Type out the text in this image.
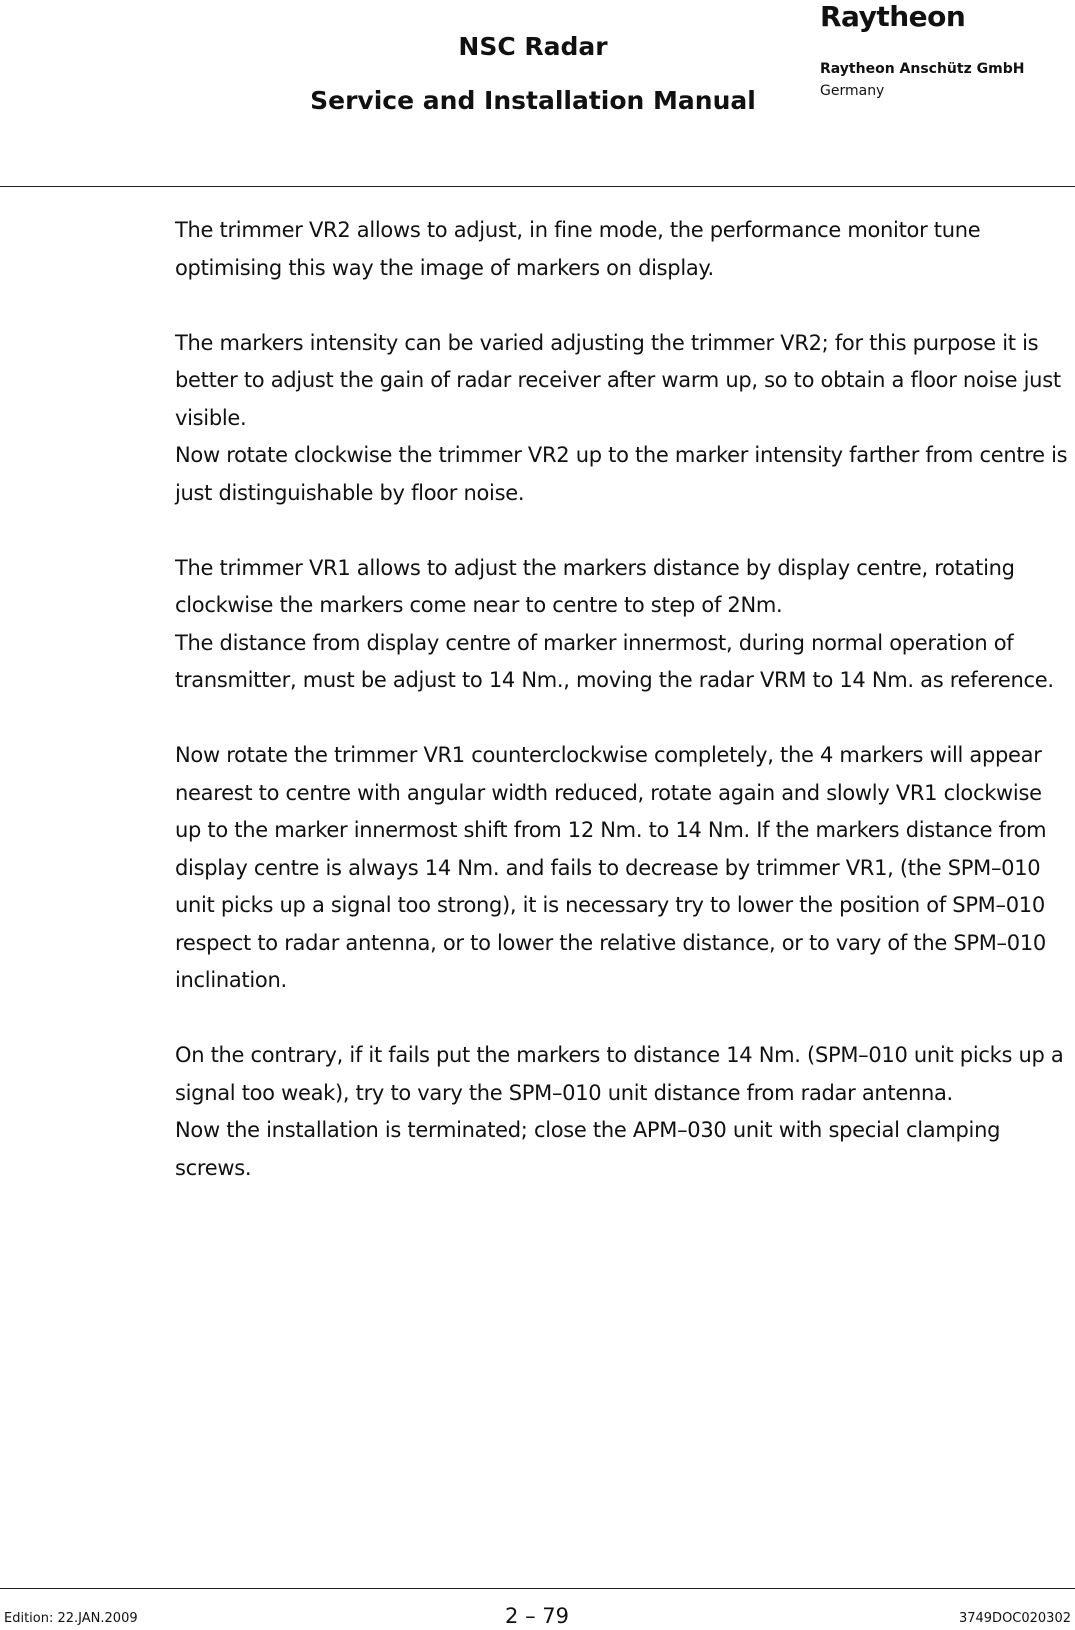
NSC Radar
Service and Installation Manual
Raytheon
Raytheon Anschütz GmbH
Germany

The trimmer VR2 allows to adjust, in fine mode, the performance monitor tune optimising this way the image of markers on display.

The markers intensity can be varied adjusting the trimmer VR2; for this purpose it is better to adjust the gain of radar receiver after warm up, so to obtain a floor noise just visible.

Now rotate clockwise the trimmer VR2 up to the marker intensity farther from centre is just distinguishable by floor noise.

The trimmer VR1 allows to adjust the markers distance by display centre, rotating clockwise the markers come near to centre to step of 2Nm.

The distance from display centre of marker innermost, during normal operation of transmitter, must be adjust to 14 Nm., moving the radar VRM to 14 Nm. as reference.

Now rotate the trimmer VR1 counterclockwise completely, the 4 markers will appear nearest to centre with angular width reduced, rotate again and slowly VR1 clockwise up to the marker innermost shift from 12 Nm. to 14 Nm. If the markers distance from display centre is always 14 Nm. and fails to decrease by trimmer VR1, (the SPM–010 unit picks up a signal too strong), it is necessary try to lower the position of SPM–010 respect to radar antenna, or to lower the relative distance, or to vary of the SPM–010 inclination.

On the contrary, if it fails put the markers to distance 14 Nm. (SPM–010 unit picks up a signal too weak), try to vary the SPM–010 unit distance from radar antenna.

Now the installation is terminated; close the APM–030 unit with special clamping screws.

Edition: 22.JAN.2009	2 – 79	3749DOC020302
